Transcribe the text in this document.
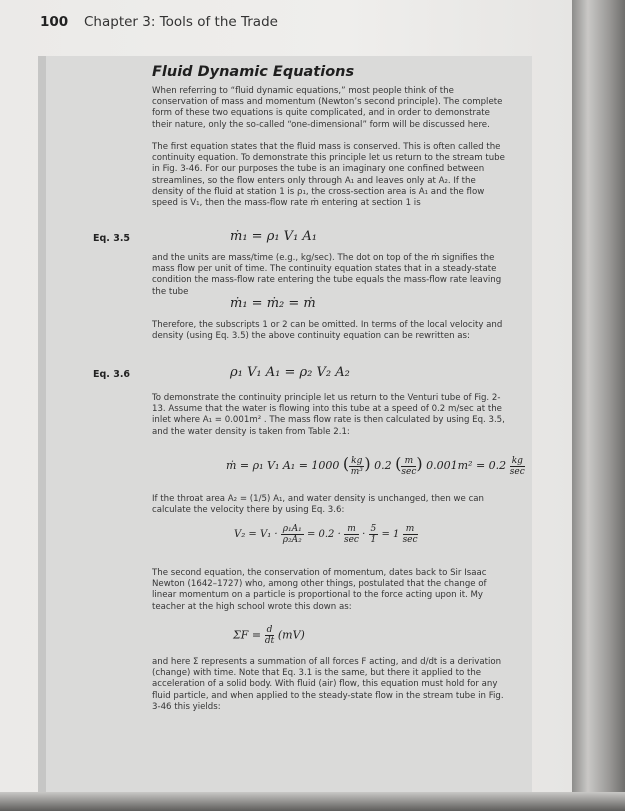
100 Chapter 3: Tools of the Trade
Fluid Dynamic Equations

When referring to “fluid dynamic equations,” most people think of the conservation of mass and momentum (Newton’s second principle). The complete form of these two equations is quite complicated, and in order to demonstrate their nature, only the so-called “one-dimensional” form will be discussed here.

The first equation states that the fluid mass is conserved. This is often called the continuity equation. To demonstrate this principle let us return to the stream tube in Fig. 3-46. For our purposes the tube is an imaginary one confined between streamlines, so the flow enters only through A₁ and leaves only at A₂. If the density of the fluid at station 1 is ρ₁, the cross-section area is A₁ and the flow speed is V₁, then the mass-flow rate ṁ entering at section 1 is

Eq. 3.5	ṁ₁ = ρ₁ V₁ A₁

and the units are mass/time (e.g., kg/sec). The dot on top of the ṁ signifies the mass flow per unit of time. The continuity equation states that in a steady-state condition the mass-flow rate entering the tube equals the mass-flow rate leaving the tube

ṁ₁ = ṁ₂ = ṁ

Therefore, the subscripts 1 or 2 can be omitted. In terms of the local velocity and density (using Eq. 3.5) the above continuity equation can be rewritten as:

Eq. 3.6	ρ₁ V₁ A₁ = ρ₂ V₂ A₂

To demonstrate the continuity principle let us return to the Venturi tube of Fig. 2-13. Assume that the water is flowing into this tube at a speed of 0.2 m/sec at the inlet where A₁ = 0.001m² . The mass flow rate is then calculated by using Eq. 3.5, and the water density is taken from Table 2.1:

ṁ = ρ₁ V₁ A₁ = 1000 ( $\frac{kg}{\text{m³}}$ ) 0.2 ( $\frac{m}{\sec}$ ) $0.001m^2 = 0.2 \frac{kg}{\sec}$

If the throat area A₂ = (1/5) A₁, and water density is unchanged, then we can calculate the velocity there by using Eq. 3.6:

$V_2 = V_1 \cdot \frac{\text{ρ₁A₁}}{\text{ρ₂A₂}} = 0.2 \cdot \frac{m}{\sec} \cdot \frac{5}{1} = 1 \frac{m}{\sec}$

The second equation, the conservation of momentum, dates back to Sir Isaac Newton (1642–1727) who, among other things, postulated that the change of linear momentum on a particle is proportional to the force acting upon it. My teacher at the high school wrote this down as:

$\Sigma F = \frac{d}{dt} (mV)$

and here Σ represents a summation of all forces F acting, and d/dt is a derivation (change) with time. Note that Eq. 3.1 is the same, but there it applied to the acceleration of a solid body. With fluid (air) flow, this equation must hold for any fluid particle, and when applied to the steady-state flow in the stream tube in Fig. 3-46 this yields:
